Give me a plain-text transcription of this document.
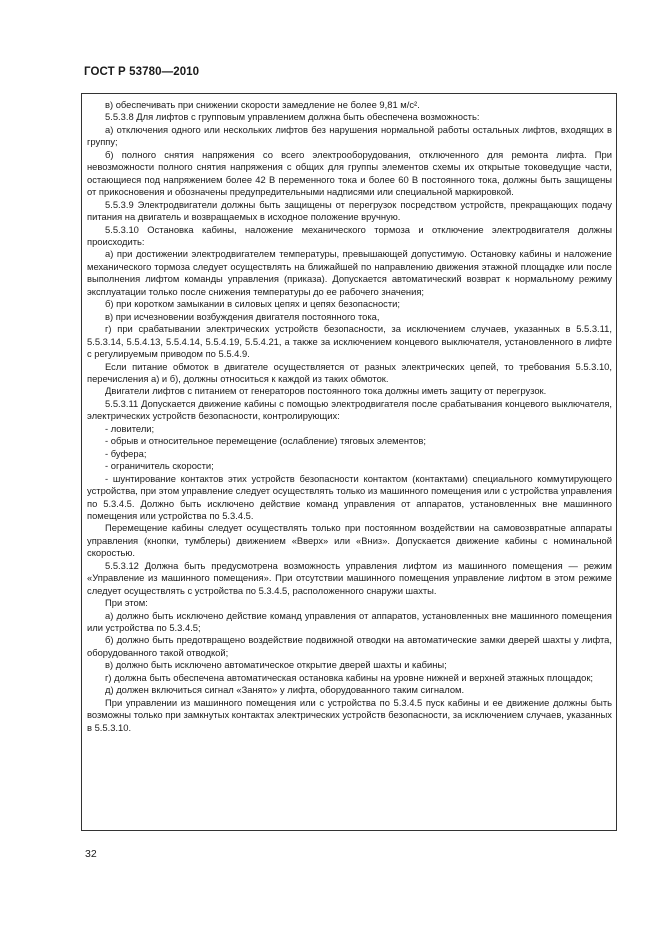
ГОСТ Р 53780—2010

в) обеспечивать при снижении скорости замедление не более 9,81 м/с².

5.5.3.8 Для лифтов с групповым управлением должна быть обеспечена возможность:

а) отключения одного или нескольких лифтов без нарушения нормальной работы остальных лифтов, входящих в группу;

б) полного снятия напряжения со всего электрооборудования, отключенного для ремонта лифта. При невозможности полного снятия напряжения с общих для группы элементов схемы их открытые токоведущие части, остающиеся под напряжением более 42 В переменного тока и более 60 В постоянного тока, должны быть защищены от прикосновения и обозначены предупредительными надписями или специальной маркировкой.

5.5.3.9 Электродвигатели должны быть защищены от перегрузок посредством устройств, прекращающих подачу питания на двигатель и возвращаемых в исходное положение вручную.

5.5.3.10 Остановка кабины, наложение механического тормоза и отключение электродвигателя должны происходить:

а) при достижении электродвигателем температуры, превышающей допустимую. Остановку кабины и наложение механического тормоза следует осуществлять на ближайшей по направлению движения этажной площадке или после выполнения лифтом команды управления (приказа). Допускается автоматический возврат к нормальному режиму эксплуатации только после снижения температуры до ее рабочего значения;

б) при коротком замыкании в силовых цепях и цепях безопасности;

в) при исчезновении возбуждения двигателя постоянного тока,

г) при срабатывании электрических устройств безопасности, за исключением случаев, указанных в 5.5.3.11, 5.5.3.14, 5.5.4.13, 5.5.4.14, 5.5.4.19, 5.5.4.21, а также за исключением концевого выключателя, установленного в лифте с регулируемым приводом по 5.5.4.9.

Если питание обмоток в двигателе осуществляется от разных электрических цепей, то требования 5.5.3.10, перечисления а) и б), должны относиться к каждой из таких обмоток.

Двигатели лифтов с питанием от генераторов постоянного тока должны иметь защиту от перегрузок.

5.5.3.11 Допускается движение кабины с помощью электродвигателя после срабатывания концевого выключателя, электрических устройств безопасности, контролирующих:

- ловители;

- обрыв и относительное перемещение (ослабление) тяговых элементов;

- буфера;

- ограничитель скорости;

- шунтирование контактов этих устройств безопасности контактом (контактами) специального коммутирующего устройства, при этом управление следует осуществлять только из машинного помещения или с устройства управления по 5.3.4.5. Должно быть исключено действие команд управления от аппаратов, установленных вне машинного помещения или устройства по 5.3.4.5.

Перемещение кабины следует осуществлять только при постоянном воздействии на самовозвратные аппараты управления (кнопки, тумблеры) движением «Вверх» или «Вниз». Допускается движение кабины с номинальной скоростью.

5.5.3.12 Должна быть предусмотрена возможность управления лифтом из машинного помещения — режим «Управление из машинного помещения». При отсутствии машинного помещения управление лифтом в этом режиме следует осуществлять с устройства по 5.3.4.5, расположенного снаружи шахты.

При этом:

а) должно быть исключено действие команд управления от аппаратов, установленных вне машинного помещения или устройства по 5.3.4.5;

б) должно быть предотвращено воздействие подвижной отводки на автоматические замки дверей шахты у лифта, оборудованного такой отводкой;

в) должно быть исключено автоматическое открытие дверей шахты и кабины;

г) должна быть обеспечена автоматическая остановка кабины на уровне нижней и верхней этажных площадок;

д) должен включиться сигнал «Занято» у лифта, оборудованного таким сигналом.

При управлении из машинного помещения или с устройства по 5.3.4.5 пуск кабины и ее движение должны быть возможны только при замкнутых контактах электрических устройств безопасности, за исключением случаев, указанных в 5.5.3.10.

32
